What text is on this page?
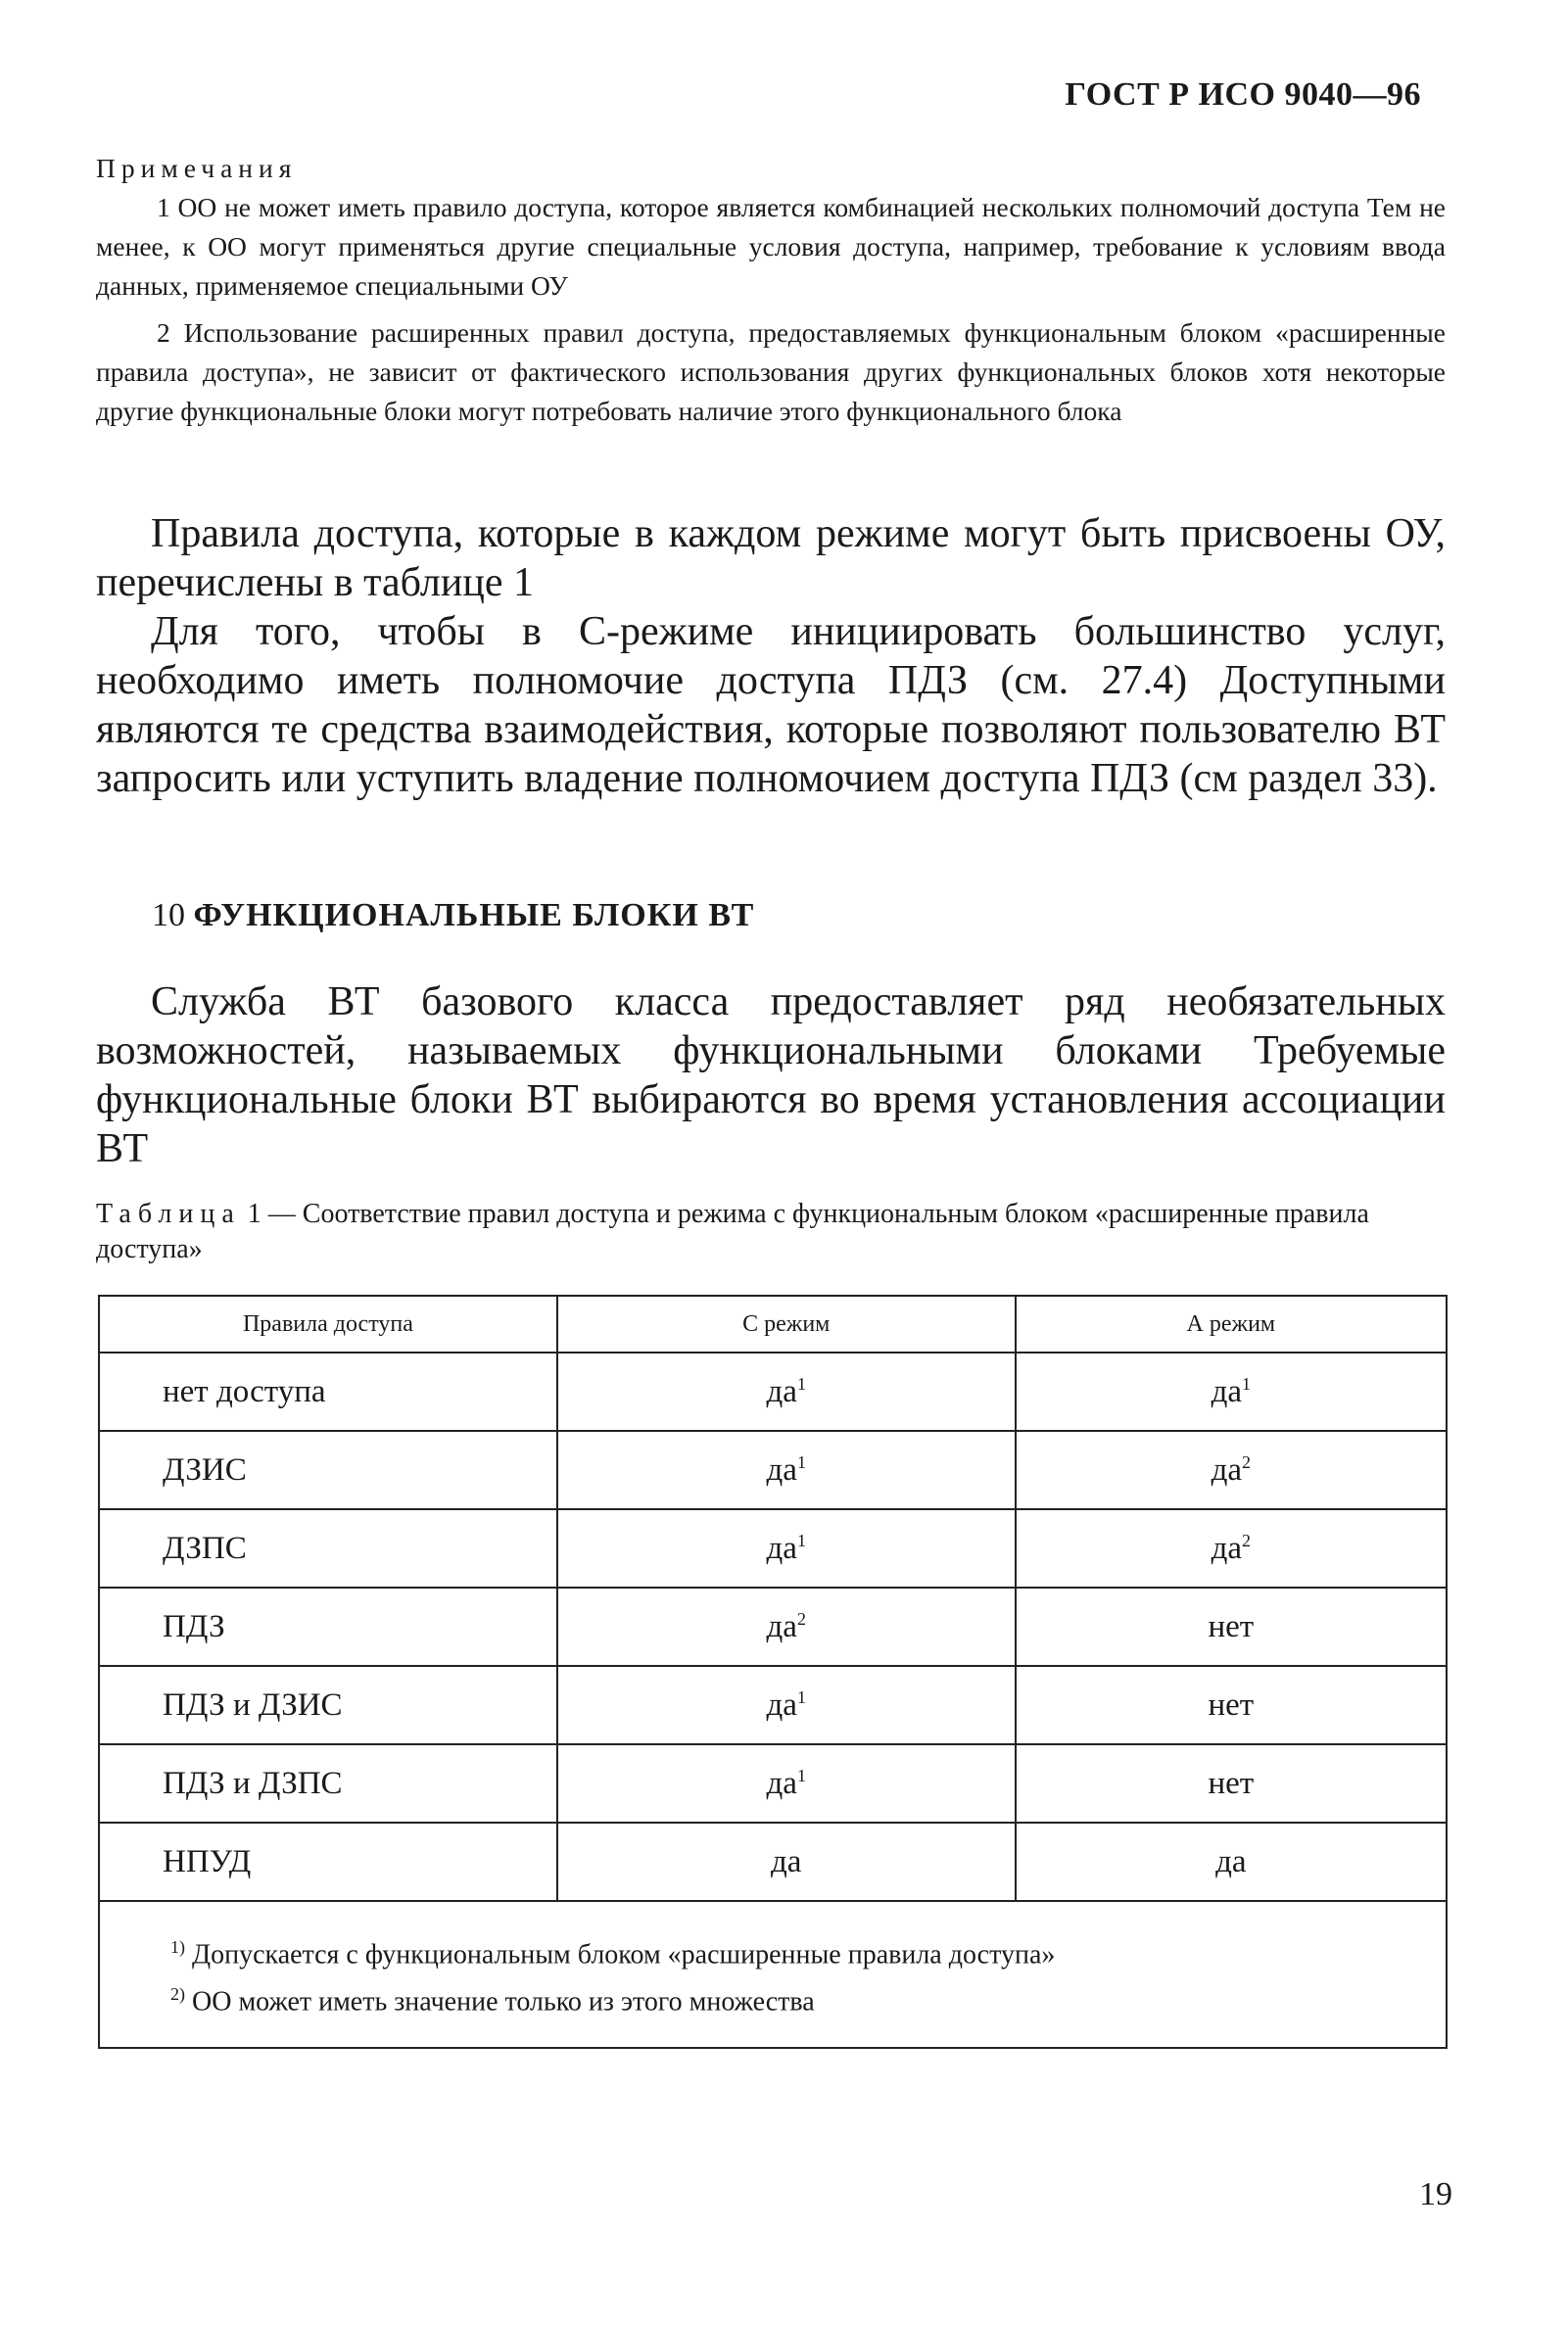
ГОСТ Р ИСО 9040—96
Примечания

1 ОО не может иметь правило доступа, которое является комбинацией нескольких полномочий доступа Тем не менее, к ОО могут применяться другие специальные условия доступа, например, требование к условиям ввода данных, применяемое специальными ОУ

2 Использование расширенных правил доступа, предоставляемых функциональным блоком «расширенные правила доступа», не зависит от фактического использования других функциональных блоков хотя некоторые другие функциональные блоки могут потребовать наличие этого функционального блока

Правила доступа, которые в каждом режиме могут быть присвоены ОУ, перечислены в таблице 1

Для того, чтобы в С-режиме инициировать большинство услуг, необходимо иметь полномочие доступа ПДЗ (см. 27.4) Доступными являются те средства взаимодействия, которые позволяют пользователю ВТ запросить или уступить владение полномочием доступа ПДЗ (см раздел 33).

10 ФУНКЦИОНАЛЬНЫЕ БЛОКИ ВТ

Служба ВТ базового класса предоставляет ряд необязательных возможностей, называемых функциональными блоками Требуемые функциональные блоки ВТ выбираются во время установления ассоциации ВТ

Таблица 1 — Соответствие правил доступа и режима с функциональным блоком «расширенные правила доступа»
Правила доступа	С режим	А режим
нет доступа	$да^1$	$да^1$
ДЗИС	$да^1$	$да^2$
ДЗПС	$да^1$	$да^2$
ПДЗ	$да^2$	нет
ПДЗ и ДЗИС	$да^1$	нет
ПДЗ и ДЗПС	$да^1$	нет
НПУД	да	да

$^{1)}$ Допускается с функциональным блоком «расширенные правила доступа»
$^{2)}$ ОО может иметь значение только из этого множества		
19
